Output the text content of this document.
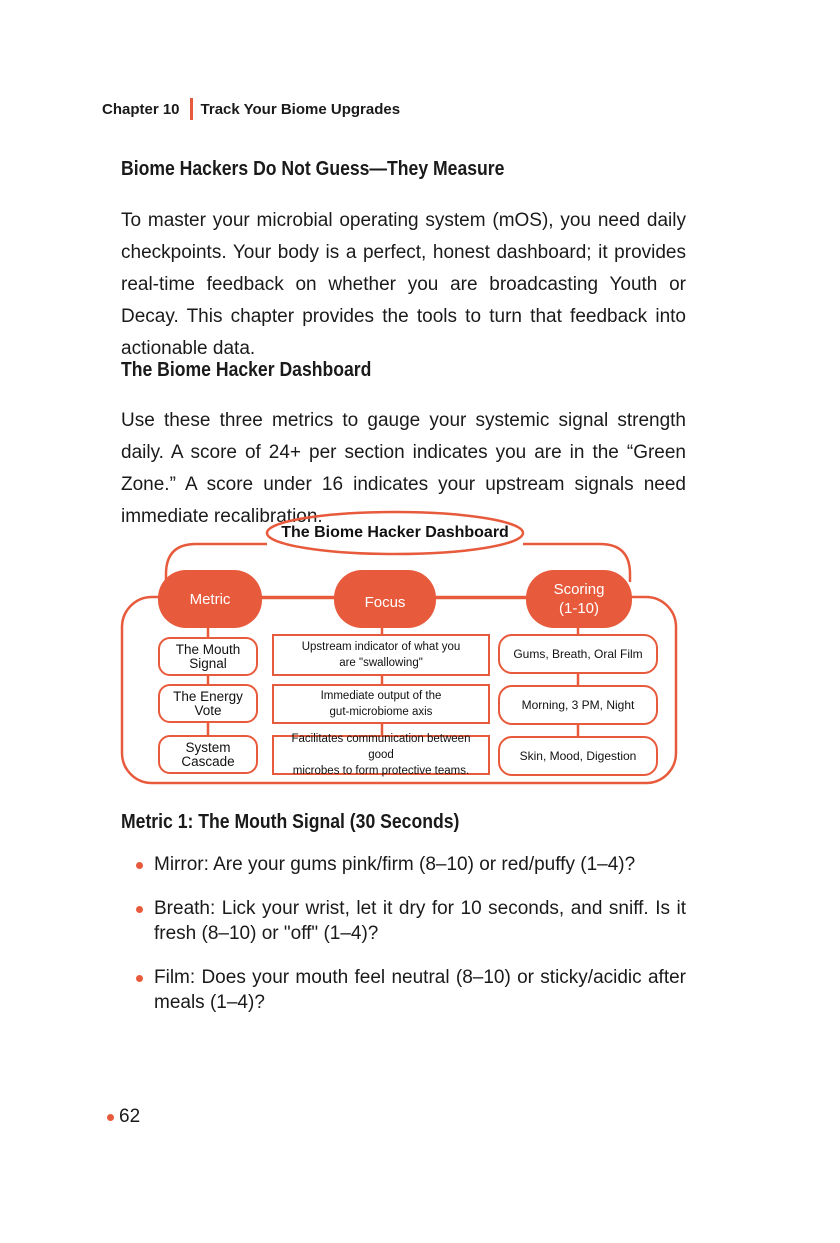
Chapter 10 Track Your Biome Upgrades
Biome Hackers Do Not Guess—They Measure

To master your microbial operating system (mOS), you need daily checkpoints. Your body is a perfect, honest dashboard; it provides real-time feedback on whether you are broadcasting Youth or Decay. This chapter provides the tools to turn that feedback into actionable data.

The Biome Hacker Dashboard

Use these three metrics to gauge your systemic signal strength daily. A score of 24+ per section indicates you are in the “Green Zone.” A score under 16 indicates your upstream signals need immediate recalibration.

The Biome Hacker Dashboard
Metric	Focus
Scoring
(1-10)
The Mouth
Signal
Upstream indicator of what you
are "swallowing"
Gums, Breath, Oral Film
The Energy
Vote
Immediate output of the
gut-microbiome axis	Morning, 3 PM, Night
System
Cascade
Facilitates communication between good
microbes to form protective teams.
Skin, Mood, Digestion
Metric 1: The Mouth Signal (30 Seconds)
Mirror: Are your gums pink/firm (8–10) or red/puffy (1–4)?
Breath: Lick your wrist, let it dry for 10 seconds, and sniff. Is it fresh (8–10) or "off" (1–4)?
Film: Does your mouth feel neutral (8–10) or sticky/acidic after meals (1–4)?
62
